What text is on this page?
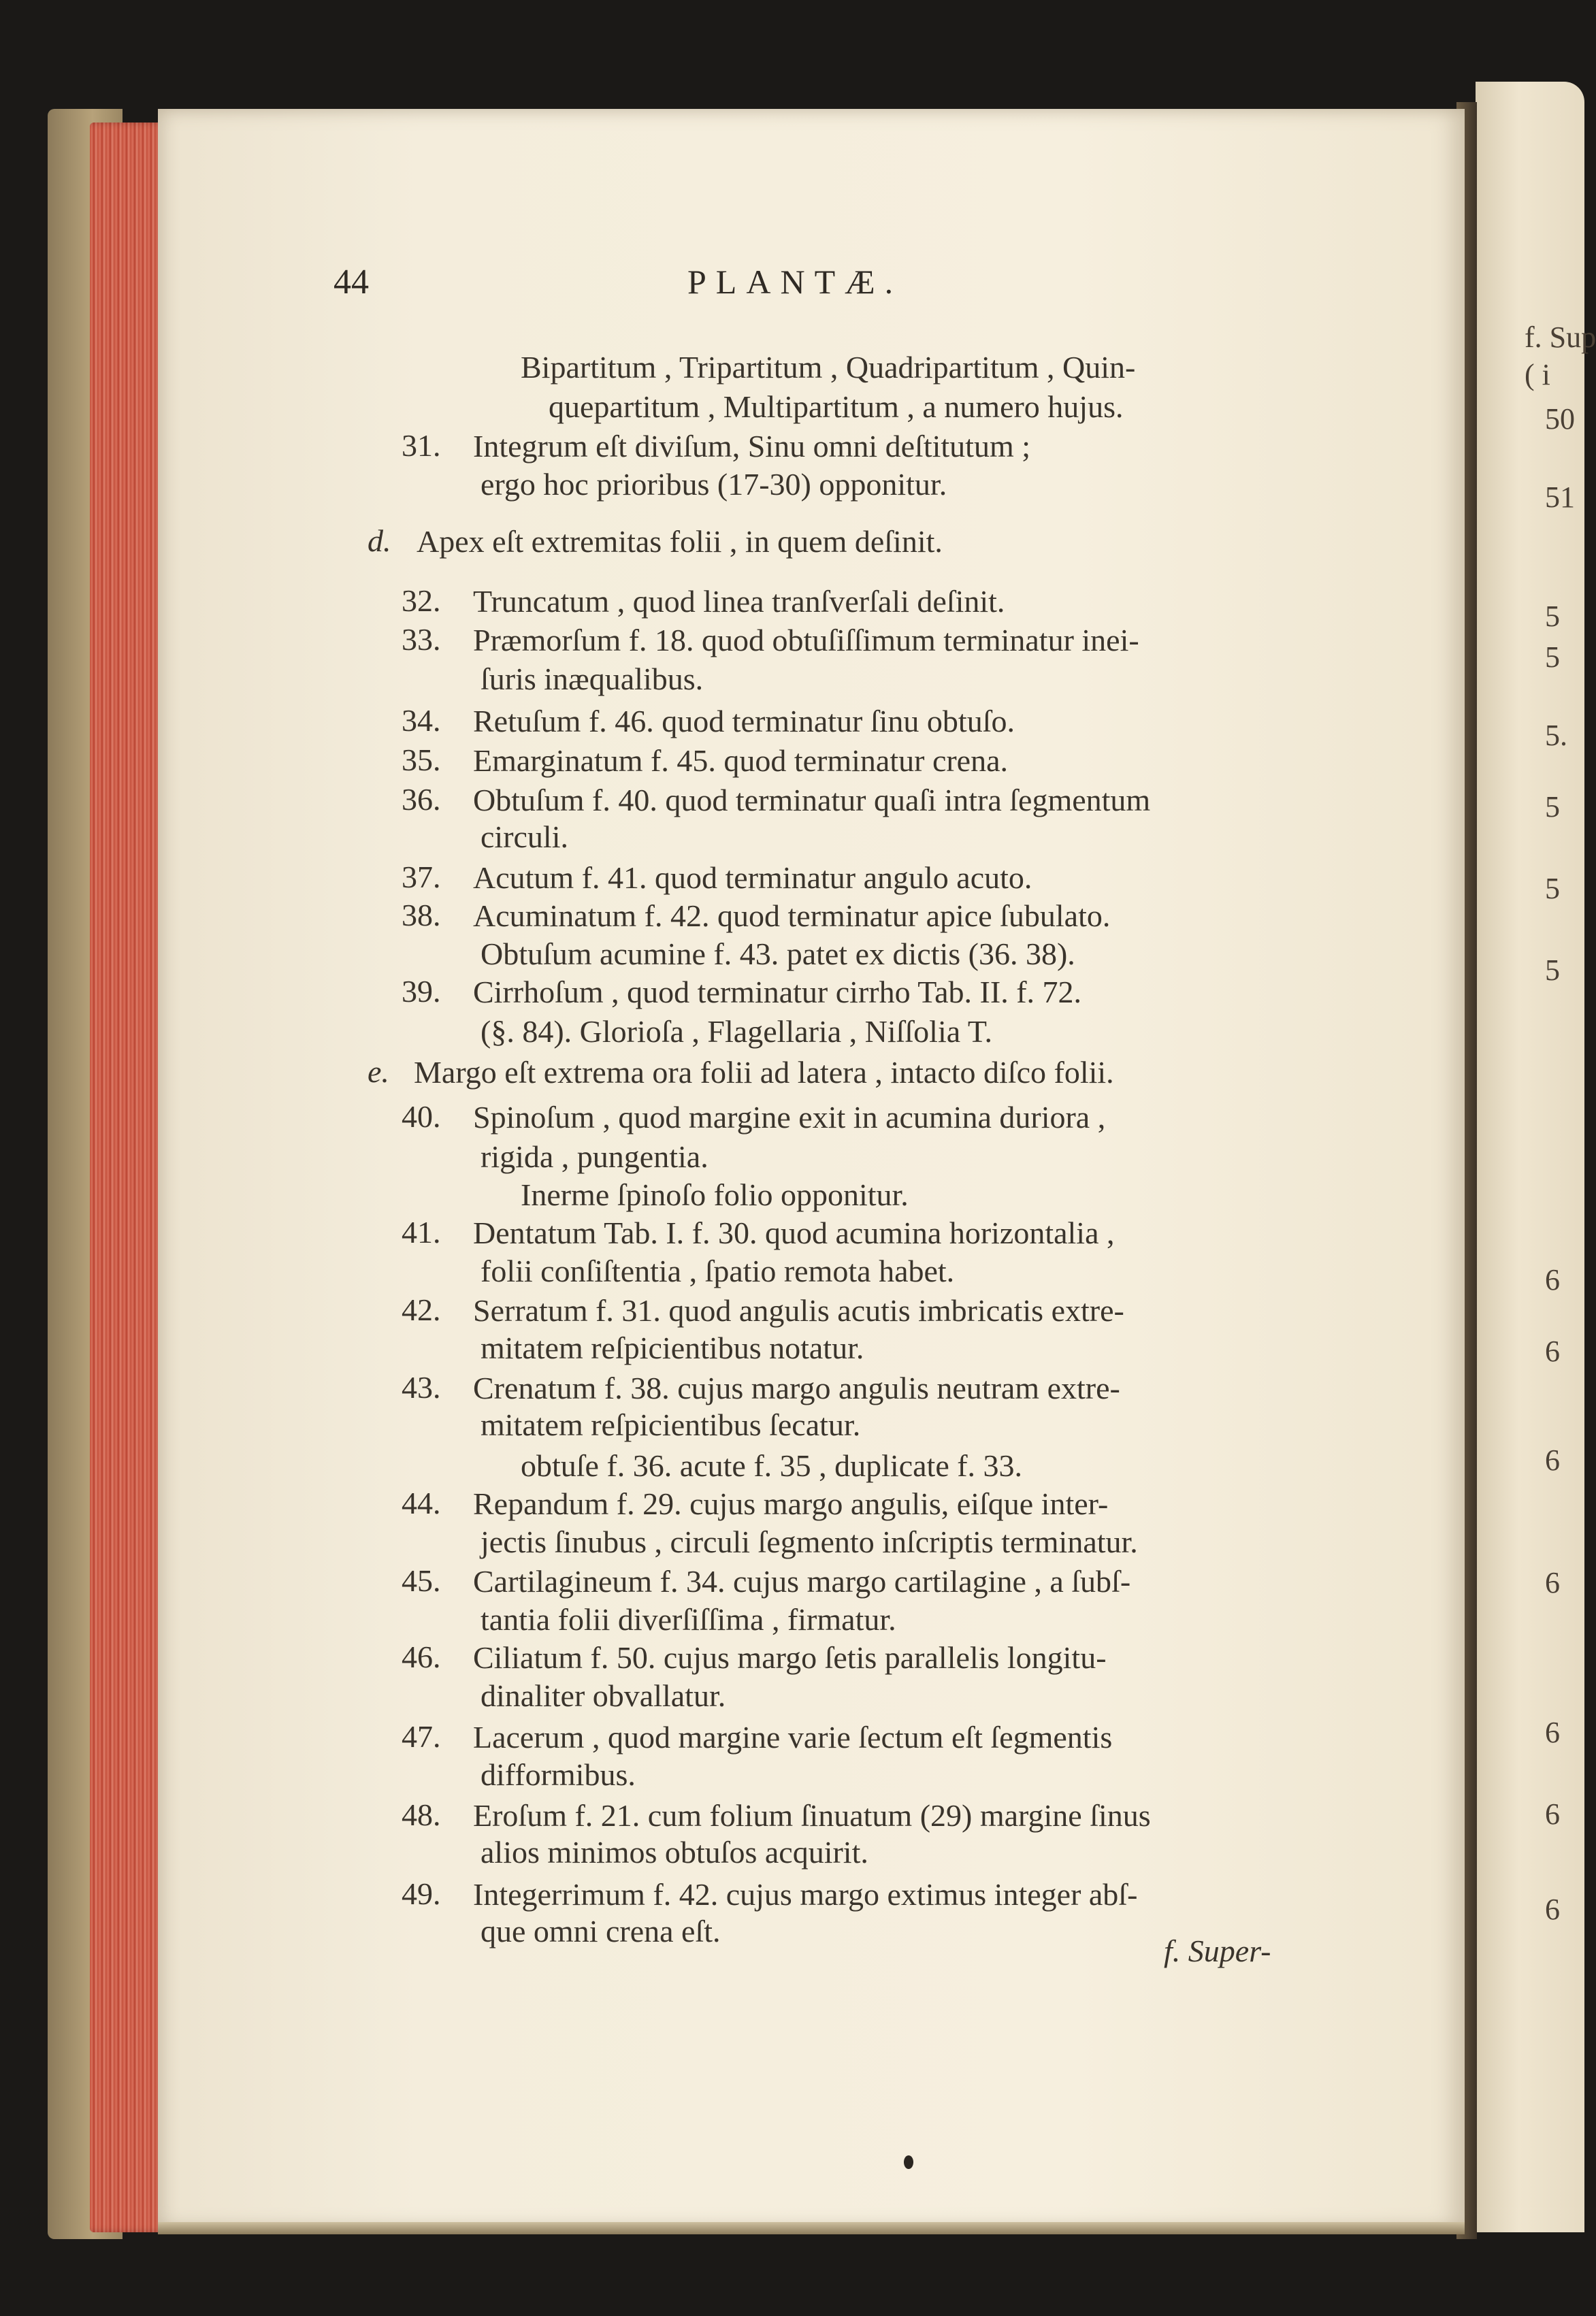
44	PLANTÆ.
Bipartitum , Tripartitum , Quadripartitum , Quin-
quepartitum , Multipartitum , a numero hujus.
31. Integrum eſt diviſum, Sinu omni deſtitutum ;
ergo hoc prioribus (17-30) opponitur.
d. Apex eſt extremitas folii , in quem deſinit.
32. Truncatum , quod linea tranſverſali deſinit.
33. Præmorſum f. 18. quod obtuſiſſimum terminatur inei-
ſuris inæqualibus.
34. Retuſum f. 46. quod terminatur ſinu obtuſo.
35. Emarginatum f. 45. quod terminatur crena.
36. Obtuſum f. 40. quod terminatur quaſi intra ſegmentum
circuli.
37. Acutum f. 41. quod terminatur angulo acuto.
38. Acuminatum f. 42. quod terminatur apice ſubulato.
Obtuſum acumine f. 43. patet ex dictis (36. 38).
39. Cirrhoſum , quod terminatur cirrho Tab. II. f. 72.
(§. 84). Glorioſa , Flagellaria , Niſſolia T.
e. Margo eſt extrema ora folii ad latera , intacto diſco folii.
40. Spinoſum , quod margine exit in acumina duriora ,
rigida , pungentia.
Inerme ſpinoſo folio opponitur.
41. Dentatum Tab. I. f. 30. quod acumina horizontalia ,
folii conſiſtentia , ſpatio remota habet.
42. Serratum f. 31. quod angulis acutis imbricatis extre-
mitatem reſpicientibus notatur.
43. Crenatum f. 38. cujus margo angulis neutram extre-
mitatem reſpicientibus ſecatur.
obtuſe f. 36. acute f. 35 , duplicate f. 33.
44. Repandum f. 29. cujus margo angulis, eiſque inter-
jectis ſinubus , circuli ſegmento inſcriptis terminatur.
45. Cartilagineum f. 34. cujus margo cartilagine , a ſubſ-
tantia folii diverſiſſima , firmatur.
46. Ciliatum f. 50. cujus margo ſetis parallelis longitu-
dinaliter obvallatur.
47. Lacerum , quod margine varie ſectum eſt ſegmentis
difformibus.
48. Eroſum f. 21. cum folium ſinuatum (29) margine ſinus
alios minimos obtuſos acquirit.
49. Integerrimum f. 42. cujus margo extimus integer abſ-
que omni crena eſt.
f. Super-
f. Sup
( i
50
51
5
5
5.
5
5
5
6
6
6
6
6
6
6
